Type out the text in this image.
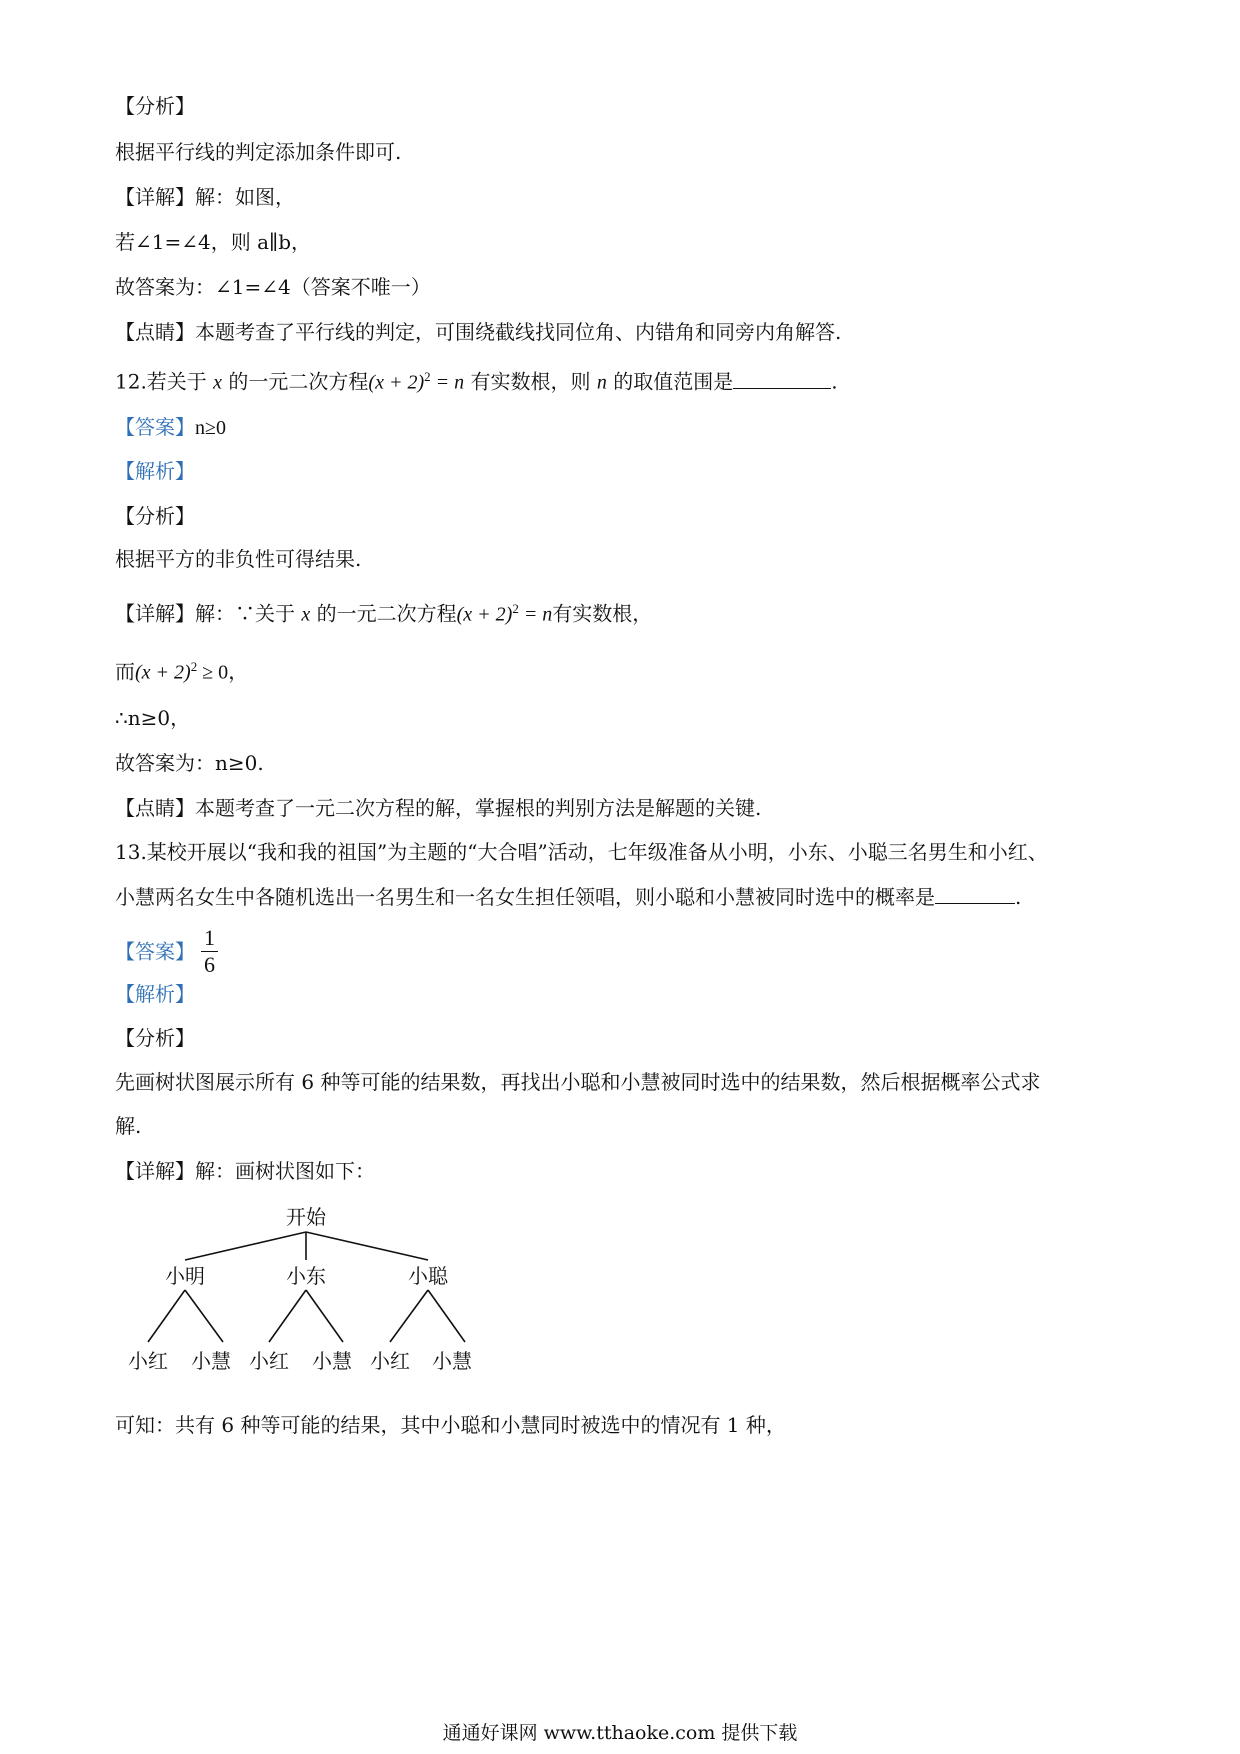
【分析】
根据平行线的判定添加条件即可.
【详解】解：如图，
若∠1=∠4，则 a∥b，
故答案为：∠1=∠4（答案不唯一）
【点睛】本题考查了平行线的判定，可围绕截线找同位角、内错角和同旁内角解答.
12.若关于 x 的一元二次方程$(x + 2)^2 = n$ 有实数根，则 n 的取值范围是	.
【答案】n≥0
【解析】
【分析】
根据平方的非负性可得结果.
【详解】解：∵关于 x 的一元二次方程$(x + 2)^2 = n$有实数根，
而$(x + 2)^2 \ge 0$，
∴n≥0，
故答案为：n≥0.
【点睛】本题考查了一元二次方程的解，掌握根的判别方法是解题的关键.
13.某校开展以“我和我的祖国”为主题的“大合唱”活动，七年级准备从小明，小东、小聪三名男生和小红、
小慧两名女生中各随机选出一名男生和一名女生担任领唱，则小聪和小慧被同时选中的概率是	.
【答案】 $\frac{1}{6}$
【解析】
【分析】
先画树状图展示所有 6 种等可能的结果数，再找出小聪和小慧被同时选中的结果数，然后根据概率公式求
解.
【详解】解：画树状图如下：
开始
小明	小东	小聪
小红 小慧 小红 小慧 小红 小慧
可知：共有 6 种等可能的结果，其中小聪和小慧同时被选中的情况有 1 种，
通通好课网 www.tthaoke.com 提供下载
